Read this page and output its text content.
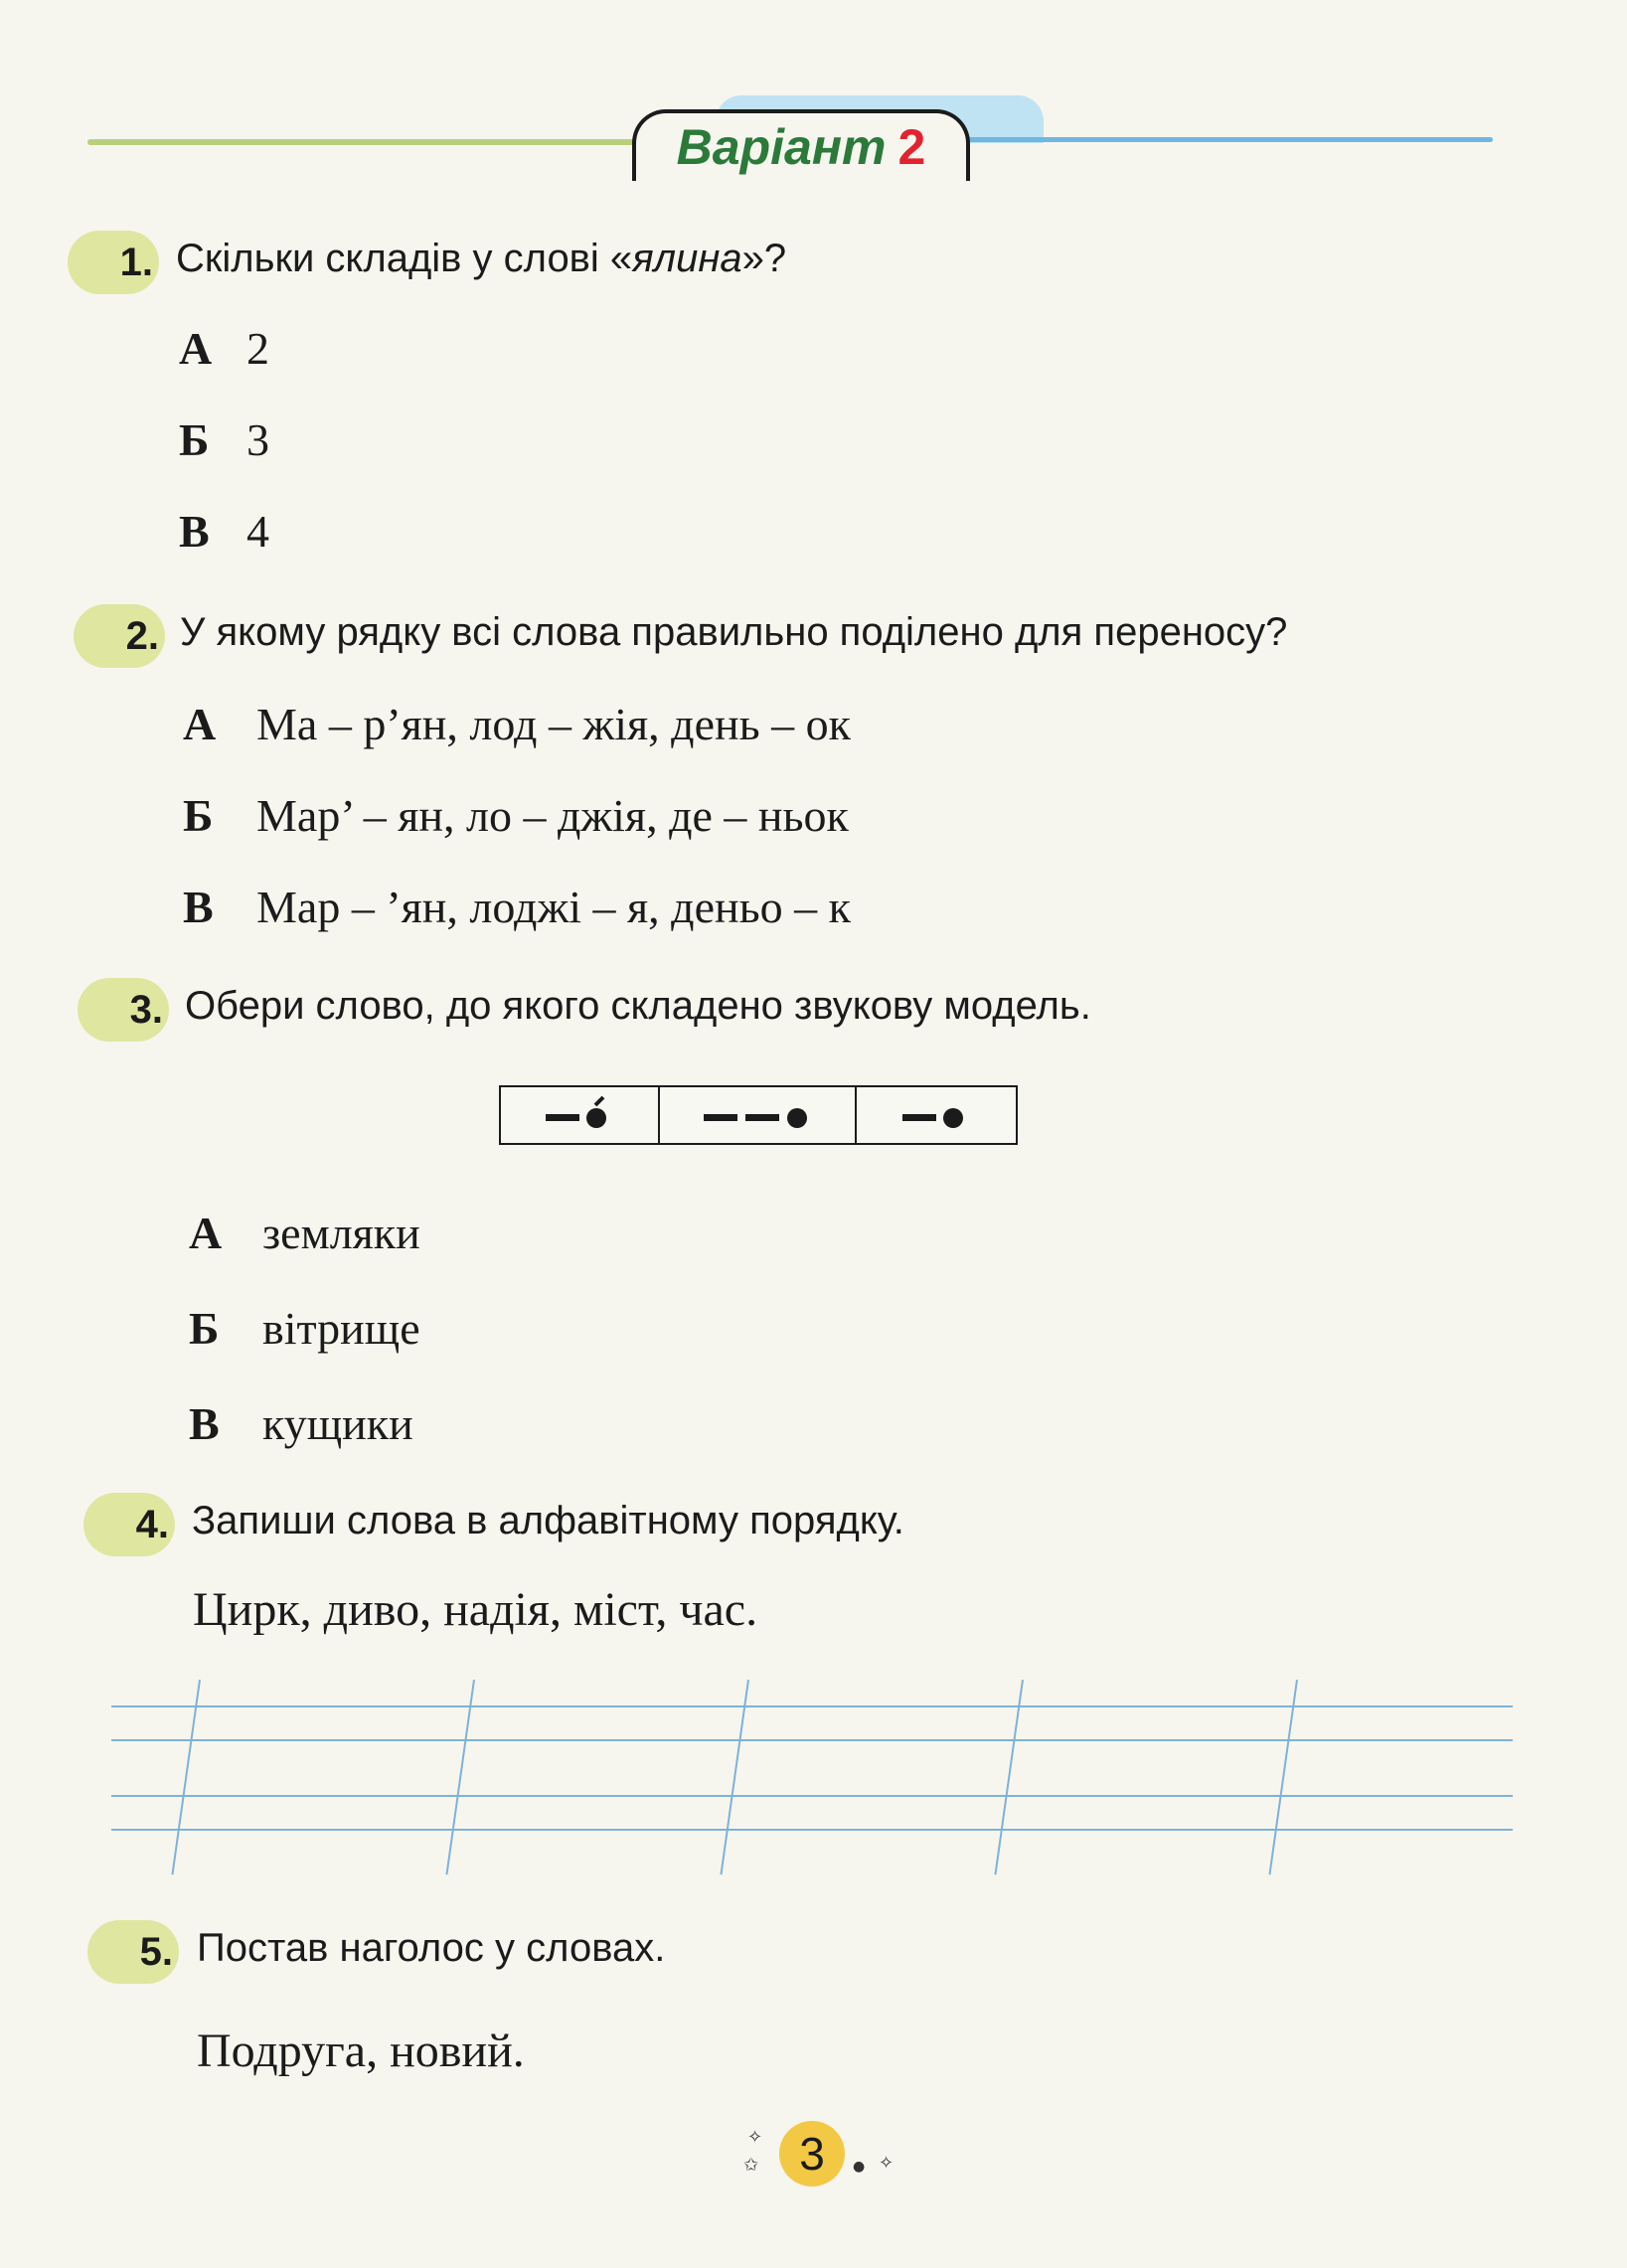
Варіант 2
1. Скільки складів у слові «ялина»?
А 2
Б 3
В 4
2. У якому рядку всі слова правильно поділено для переносу?
А Ма – р’ян, лод – жія, день – ок
Б Мар’ – ян, ло – джія, де – ньок
В Мар – ’ян, лоджі – я, деньо – к
3. Обери слово, до якого складено звукову модель.
А земляки
Б вітрище
В кущики
4. Запиши слова в алфавітному порядку.
Цирк, диво, надія, міст, час.
5. Постав наголос у словах.
Подруга, новий.
✧
✩ 3	● ✧
